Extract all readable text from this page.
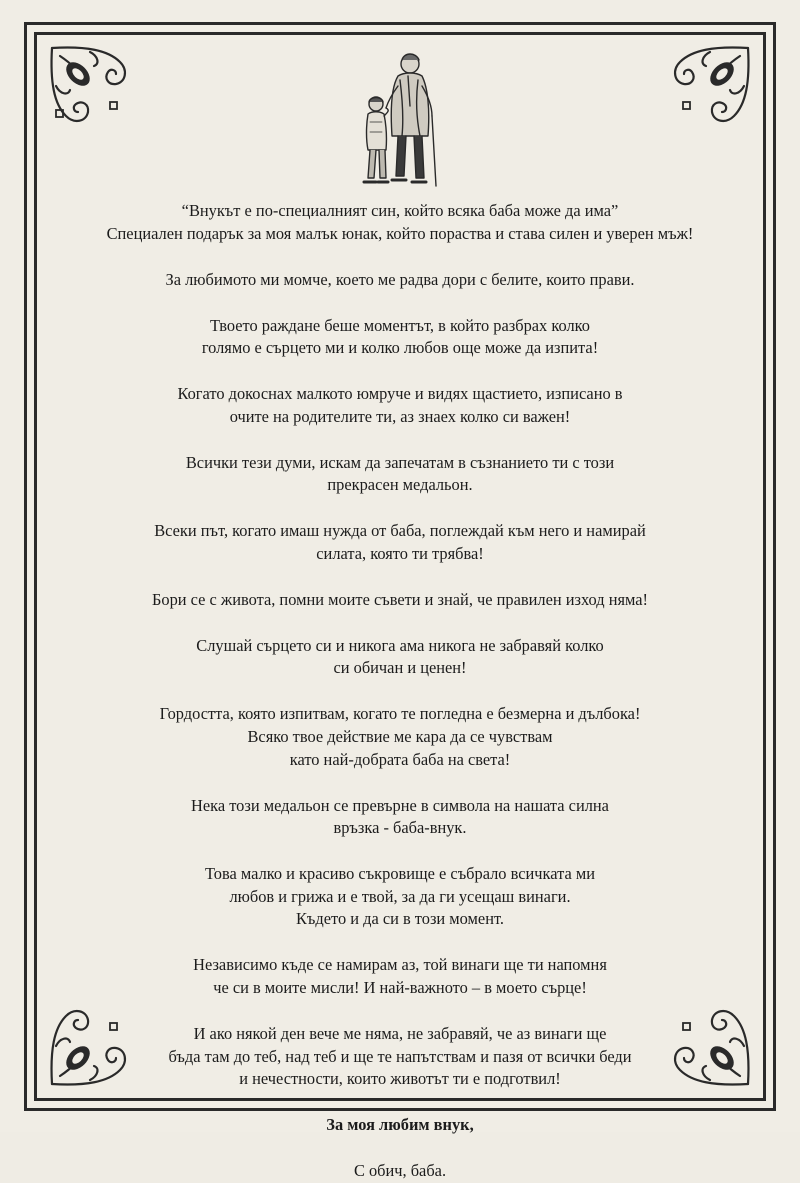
“Внукът е по-специалният син, който всяка баба може да има”
Специален подарък за моя малък юнак, който пораства и става силен и уверен мъж!
За любимото ми момче, което ме радва дори с белите, които прави.
Твоето раждане беше моментът, в който разбрах колко
голямо е сърцето ми и колко любов още може да изпита!
Когато докоснах малкото юмруче и видях щастието, изписано в
очите на родителите ти, аз знаех колко си важен!
Всички тези думи, искам да запечатам в съзнанието ти с този
прекрасен медальон.
Всеки път, когато имаш нужда от баба, поглеждай към него и намирай
силата, която ти трябва!
Бори се с живота, помни моите съвети и знай, че правилен изход няма!
Слушай сърцето си и никога ама никога не забравяй колко
си обичан и ценен!
Гордостта, която изпитвам, когато те погледна е безмерна и дълбока!
Всяко твое действие ме кара да се чувствам
като най-добрата баба на света!
Нека този медальон се превърне в символа на нашата силна
връзка - баба-внук.
Това малко и красиво съкровище е събрало всичката ми
любов и грижа и е твой, за да ги усещаш винаги.
Където и да си в този момент.
Независимо къде се намирам аз, той винаги ще ти напомня
че си в моите мисли! И най-важното – в моето сърце!
И ако някой ден вече ме няма, не забравяй, че аз винаги ще
бъда там до теб, над теб и ще те напътствам и пазя от всички беди
и нечестности, които животът ти е подготвил!
За моя любим внук,
С обич, баба.
